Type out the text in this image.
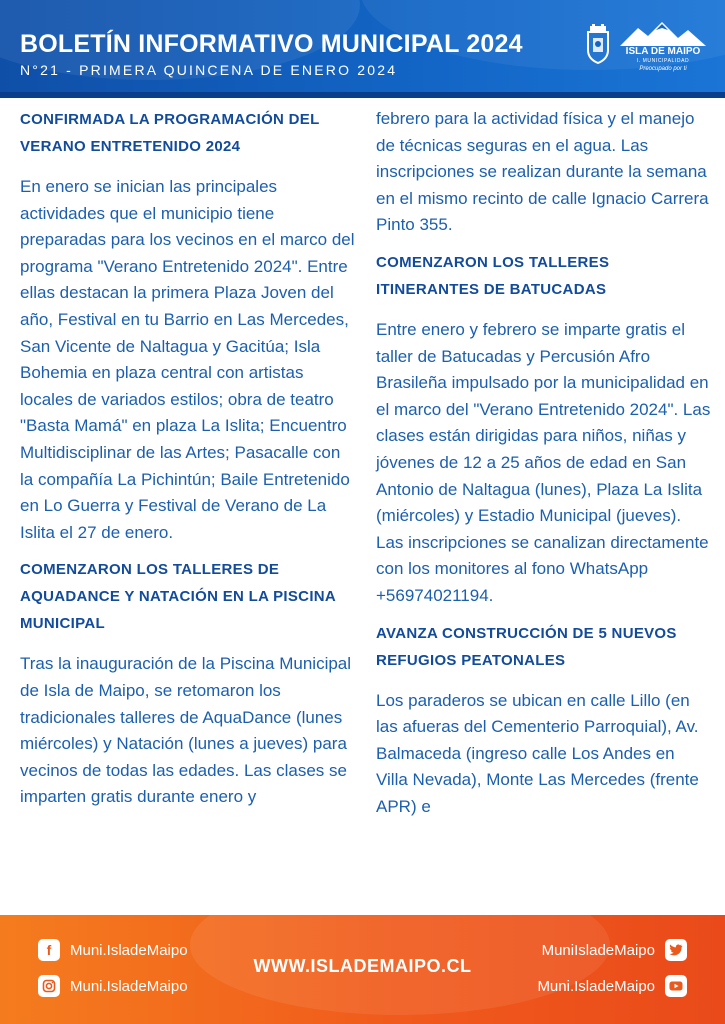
BOLETÍN INFORMATIVO MUNICIPAL 2024
N°21 - PRIMERA QUINCENA DE ENERO 2024
ISLA DE MAIPO
I. MUNICIPALIDAD
Preocupado por ti
CONFIRMADA LA PROGRAMACIÓN DEL VERANO ENTRETENIDO 2024

En enero se inician las principales actividades que el municipio tiene preparadas para los vecinos en el marco del programa "Verano Entretenido 2024". Entre ellas destacan la primera Plaza Joven del año, Festival en tu Barrio en Las Mercedes, San Vicente de Naltagua y Gacitúa; Isla Bohemia en plaza central con artistas locales de variados estilos; obra de teatro "Basta Mamá" en plaza La Islita; Encuentro Multidisciplinar de las Artes; Pasacalle con la compañía La Pichintún; Baile Entretenido en Lo Guerra y Festival de Verano de La Islita el 27 de enero.

COMENZARON LOS TALLERES DE AQUADANCE Y NATACIÓN EN LA PISCINA MUNICIPAL

Tras la inauguración de la Piscina Municipal de Isla de Maipo, se retomaron los tradicionales talleres de AquaDance (lunes miércoles) y Natación (lunes a jueves) para vecinos de todas las edades. Las clases se imparten gratis durante enero y

febrero para la actividad física y el manejo de técnicas seguras en el agua. Las inscripciones se realizan durante la semana en el mismo recinto de calle Ignacio Carrera Pinto 355.

COMENZARON LOS TALLERES ITINERANTES DE BATUCADAS

Entre enero y febrero se imparte gratis el taller de Batucadas y Percusión Afro Brasileña impulsado por la municipalidad en el marco del "Verano Entretenido 2024". Las clases están dirigidas para niños, niñas y jóvenes de 12 a 25 años de edad en San Antonio de Naltagua (lunes), Plaza La Islita (miércoles) y Estadio Municipal (jueves). Las inscripciones se canalizan directamente con los monitores al fono WhatsApp +56974021194.

AVANZA CONSTRUCCIÓN DE 5 NUEVOS REFUGIOS PEATONALES

Los paraderos se ubican en calle Lillo (en las afueras del Cementerio Parroquial), Av. Balmaceda (ingreso calle Los Andes en Villa Nevada), Monte Las Mercedes (frente APR) e

f	Muni.IsladeMaipo
Muni.IsladeMaipo
WWW.ISLADEMAIPO.CL
MuniIsladeMaipo
Muni.IsladeMaipo
